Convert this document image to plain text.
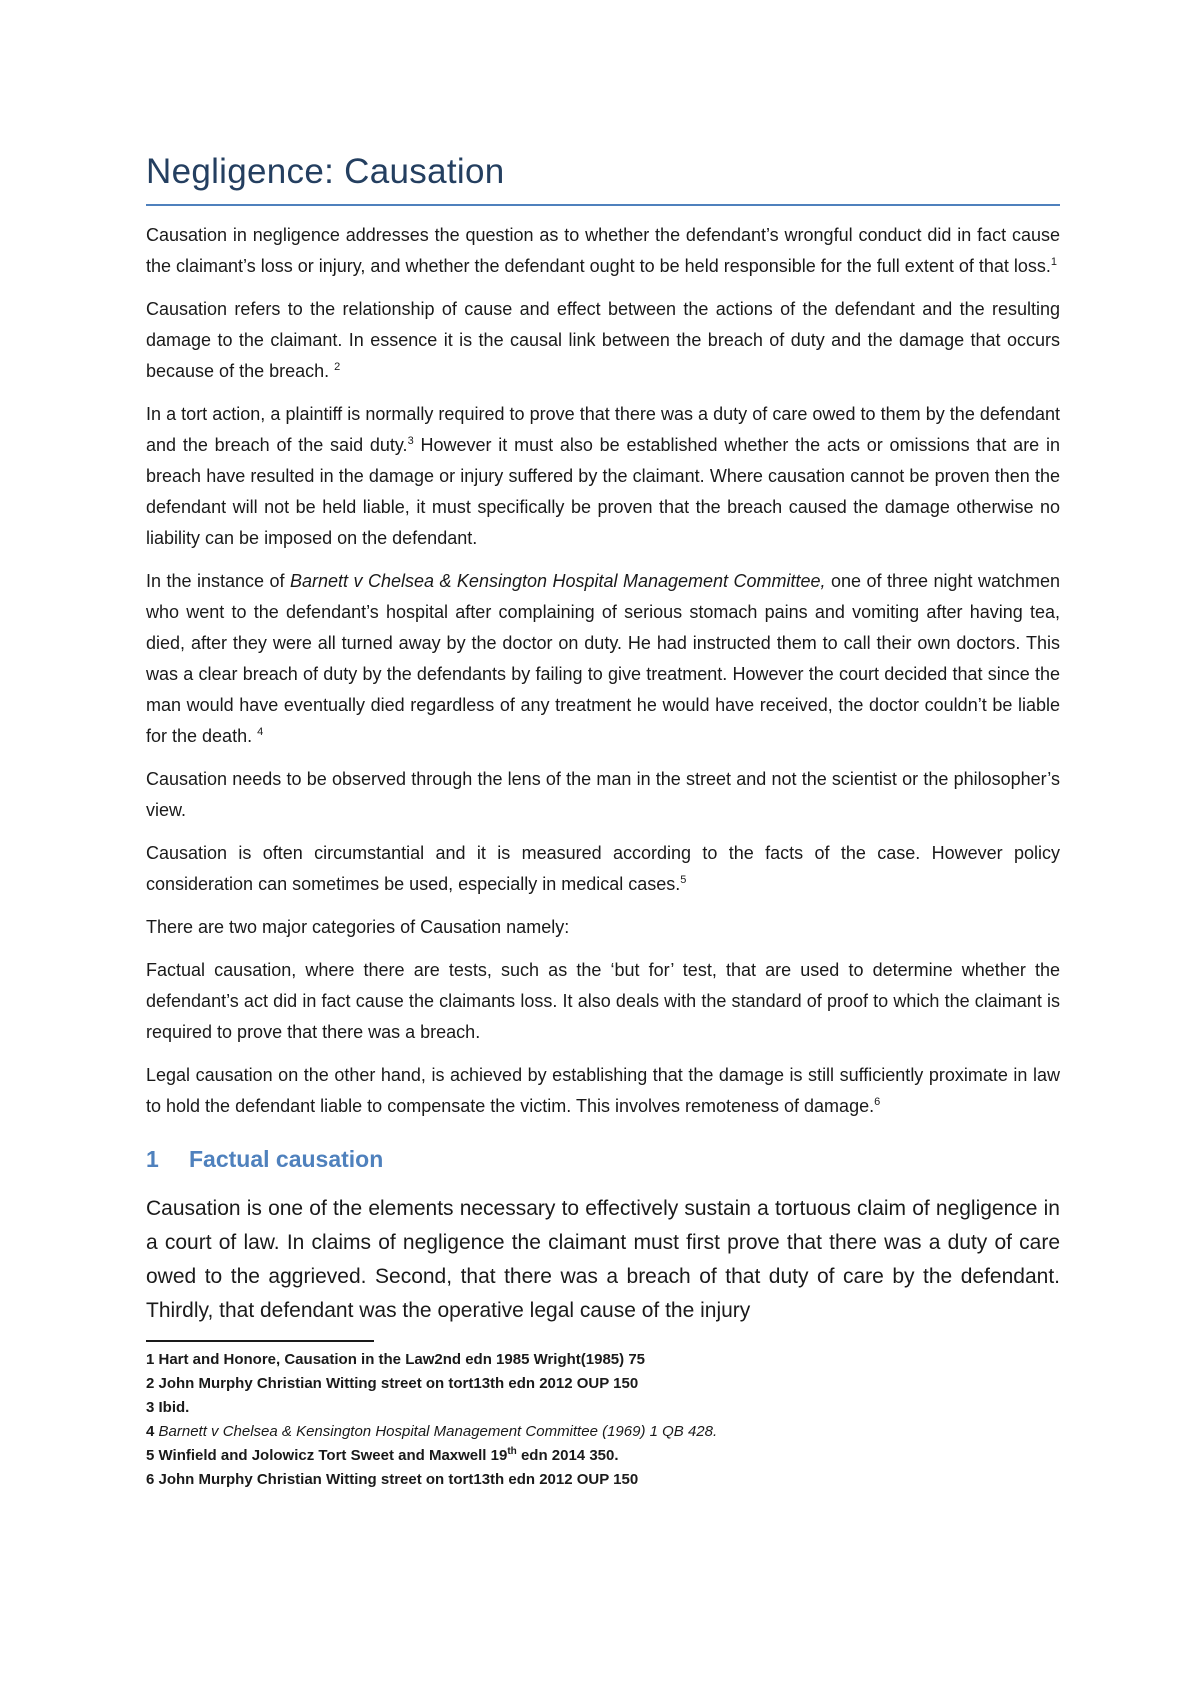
Negligence: Causation

Causation in negligence addresses the question as to whether the defendant’s wrongful conduct did in fact cause the claimant’s loss or injury, and whether the defendant ought to be held responsible for the full extent of that loss.$^1$

Causation refers to the relationship of cause and effect between the actions of the defendant and the resulting damage to the claimant. In essence it is the causal link between the breach of duty and the damage that occurs because of the breach. $^2$

In a tort action, a plaintiff is normally required to prove that there was a duty of care owed to them by the defendant and the breach of the said duty.$^3$ However it must also be established whether the acts or omissions that are in breach have resulted in the damage or injury suffered by the claimant. Where causation cannot be proven then the defendant will not be held liable, it must specifically be proven that the breach caused the damage otherwise no liability can be imposed on the defendant.

In the instance of Barnett v Chelsea & Kensington Hospital Management Committee, one of three night watchmen who went to the defendant’s hospital after complaining of serious stomach pains and vomiting after having tea, died, after they were all turned away by the doctor on duty. He had instructed them to call their own doctors. This was a clear breach of duty by the defendants by failing to give treatment. However the court decided that since the man would have eventually died regardless of any treatment he would have received, the doctor couldn’t be liable for the death. $^4$

Causation needs to be observed through the lens of the man in the street and not the scientist or the philosopher’s view.

Causation is often circumstantial and it is measured according to the facts of the case. However policy consideration can sometimes be used, especially in medical cases.$^5$

There are two major categories of Causation namely:

Factual causation, where there are tests, such as the ‘but for’ test, that are used to determine whether the defendant’s act did in fact cause the claimants loss. It also deals with the standard of proof to which the claimant is required to prove that there was a breach.

Legal causation on the other hand, is achieved by establishing that the damage is still sufficiently proximate in law to hold the defendant liable to compensate the victim. This involves remoteness of damage.$^6$

1 Factual causation

Causation is one of the elements necessary to effectively sustain a tortuous claim of negligence in a court of law. In claims of negligence the claimant must first prove that there was a duty of care owed to the aggrieved. Second, that there was a breach of that duty of care by the defendant. Thirdly, that defendant was the operative legal cause of the injury

1 Hart and Honore, Causation in the Law2nd edn 1985 Wright(1985) 75
2 John Murphy Christian Witting street on tort13th edn 2012 OUP 150
3 Ibid.
4 Barnett v Chelsea & Kensington Hospital Management Committee (1969) 1 QB 428.
5 Winfield and Jolowicz Tort Sweet and Maxwell 19th edn 2014 350.
6 John Murphy Christian Witting street on tort13th edn 2012 OUP 150
